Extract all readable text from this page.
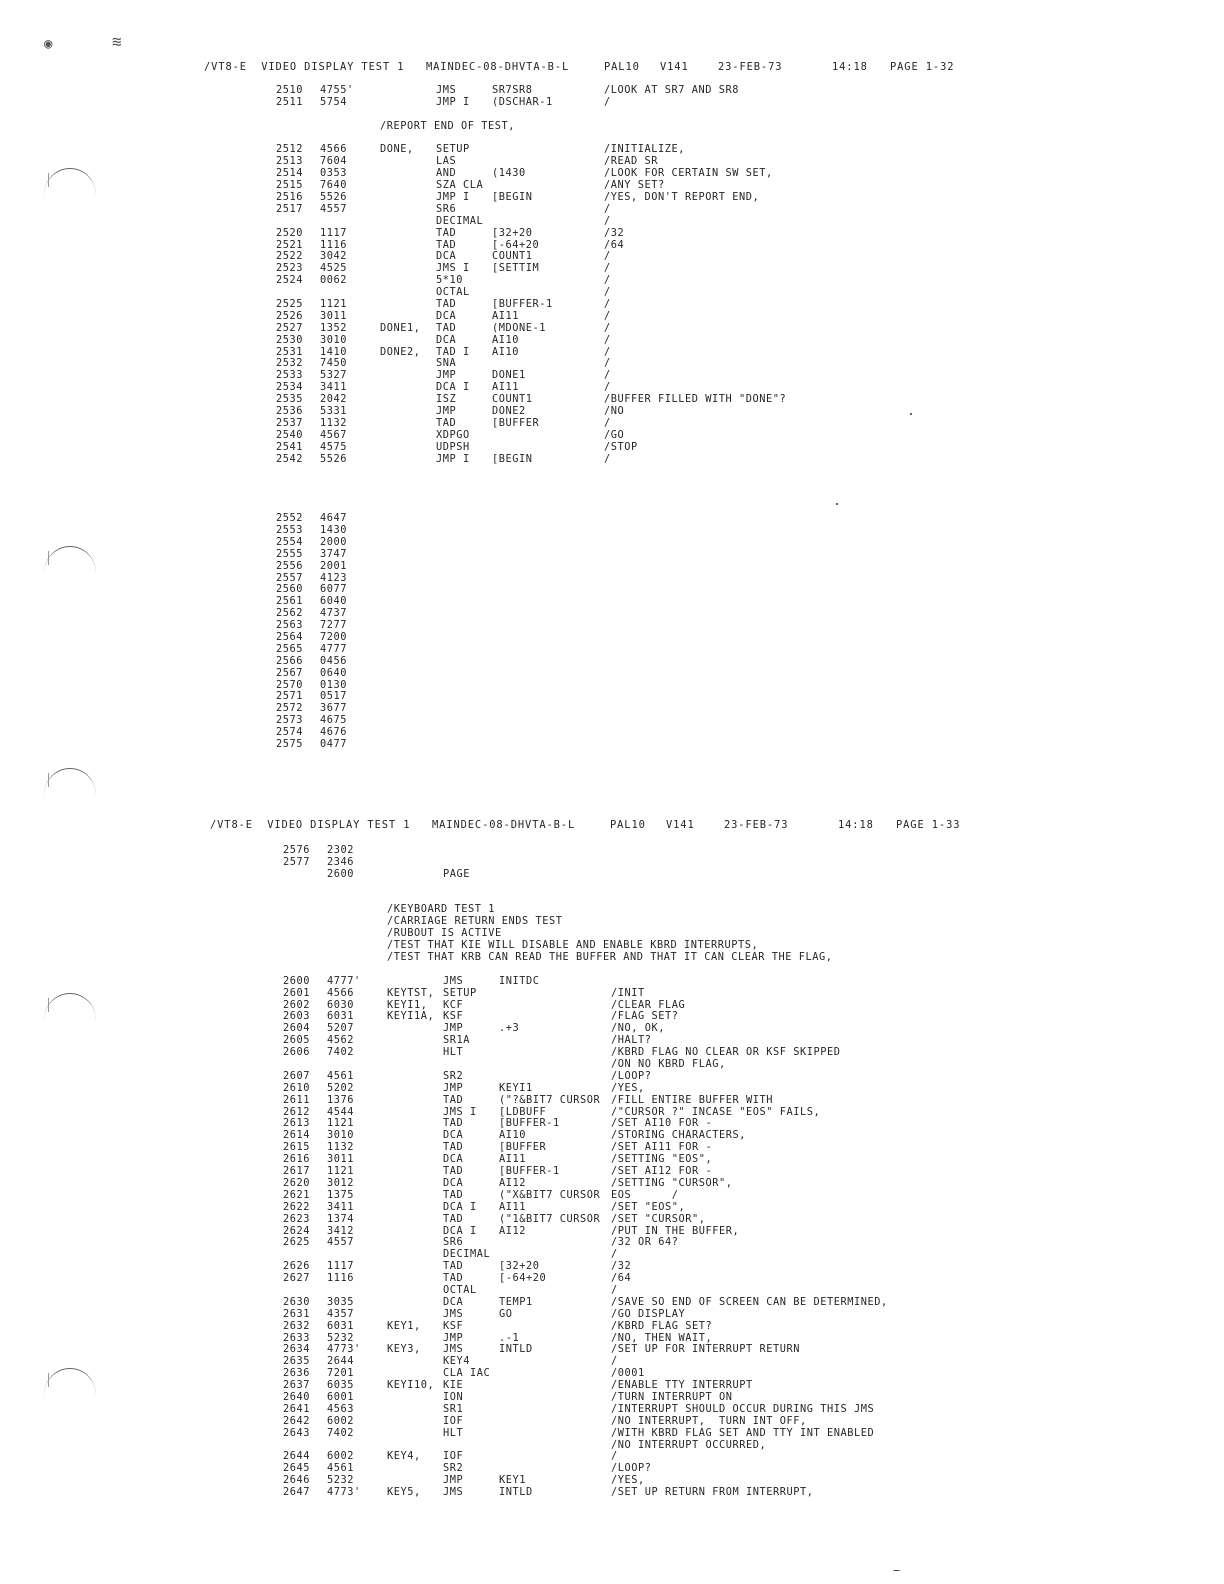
◉	≋

/VT8-E  VIDEO DISPLAY TEST 1

MAINDEC-08-DHVTA-B-L

	PAL10

V141

	23-FEB-73

	14:18

PAGE 1-32

2510 4755'	JMS	SR7SR8	/LOOK AT SR7 AND SR8
2511 5754	JMP I (DSCHAR-1	/
/REPORT END OF TEST,
2512 4566	DONE, SETUP	/INITIALIZE,
2513 7604	LAS	/READ SR
2514 0353	AND	(1430	/LOOK FOR CERTAIN SW SET,
2515 7640	SZA CLA	/ANY SET?
2516 5526	JMP I [BEGIN	/YES, DON'T REPORT END,
2517 4557	SR6	/
DECIMAL	/
2520 1117	TAD	[32+20	/32
2521 1116	TAD	[-64+20	/64
2522 3042	DCA	COUNT1	/
2523 4525	JMS I [SETTIM	/
2524 0062	5*10	/
OCTAL	/
2525 1121	TAD	[BUFFER-1	/
2526 3011	DCA	AI11	/
2527 1352	DONE1, TAD	(MDONE-1	/
2530 3010	DCA	AI10	/
2531 1410	DONE2, TAD I AI10	/
2532 7450	SNA	/
2533 5327	JMP	DONE1	/
2534 3411	DCA I AI11	/
2535 2042	ISZ	COUNT1	/BUFFER FILLED WITH "DONE"?
2536 5331	JMP	DONE2	/NO
2537 1132	TAD	[BUFFER	/
2540 4567	XDPGO	/GO
2541 4575	UDPSH	/STOP
2542 5526	JMP I [BEGIN	/
2552 4647
2553 1430
2554 2000
2555 3747
2556 2001
2557 4123
2560 6077
2561 6040
2562 4737
2563 7277
2564 7200
2565 4777
2566 0456
2567 0640
2570 0130
2571 0517
2572 3677
2573 4675
2574 4676
2575 0477

/VT8-E  VIDEO DISPLAY TEST 1

MAINDEC-08-DHVTA-B-L

	PAL10

V141

	23-FEB-73

	14:18

PAGE 1-33

2576 2302
2577 2346
2600	PAGE
/KEYBOARD TEST 1
/CARRIAGE RETURN ENDS TEST
/RUBOUT IS ACTIVE
/TEST THAT KIE WILL DISABLE AND ENABLE KBRD INTERRUPTS,
/TEST THAT KRB CAN READ THE BUFFER AND THAT IT CAN CLEAR THE FLAG,
2600 4777'	JMS	INITDC
2601 4566	KEYTST, SETUP	/INIT
2602 6030	KEYI1, KCF	/CLEAR FLAG
2603 6031	KEYI1A, KSF	/FLAG SET?
2604 5207	JMP	.+3	/NO, OK,
2605 4562	SR1A	/HALT?
2606 7402	HLT	/KBRD FLAG NO CLEAR OR KSF SKIPPED
/ON NO KBRD FLAG,
2607 4561	SR2	/LOOP?
2610 5202	JMP	KEYI1	/YES,
2611 1376	TAD	("?&BIT7 CURSOR /FILL ENTIRE BUFFER WITH
2612 4544	JMS I [LDBUFF	/"CURSOR ?" INCASE "EOS" FAILS,
2613 1121	TAD	[BUFFER-1	/SET AI10 FOR -
2614 3010	DCA	AI10	/STORING CHARACTERS,
2615 1132	TAD	[BUFFER	/SET AI11 FOR -
2616 3011	DCA	AI11	/SETTING "EOS",
2617 1121	TAD	[BUFFER-1	/SET AI12 FOR -
2620 3012	DCA	AI12	/SETTING "CURSOR",
2621 1375	TAD	("X&BIT7 CURSOR EOS      /
2622 3411	DCA I AI11	/SET "EOS",
2623 1374	TAD	("1&BIT7 CURSOR /SET "CURSOR",
2624 3412	DCA I AI12	/PUT IN THE BUFFER,
2625 4557	SR6	/32 OR 64?
DECIMAL	/
2626 1117	TAD	[32+20	/32
2627 1116	TAD	[-64+20	/64
OCTAL	/
2630 3035	DCA	TEMP1	/SAVE SO END OF SCREEN CAN BE DETERMINED,
2631 4357	JMS	GO	/GO DISPLAY
2632 6031	KEY1, KSF	/KBRD FLAG SET?
2633 5232	JMP	.-1	/NO, THEN WAIT,
2634 4773'	KEY3, JMS	INTLD	/SET UP FOR INTERRUPT RETURN
2635 2644	KEY4	/
2636 7201	CLA IAC	/0001
2637 6035	KEYI10, KIE	/ENABLE TTY INTERRUPT
2640 6001	ION	/TURN INTERRUPT ON
2641 4563	SR1	/INTERRUPT SHOULD OCCUR DURING THIS JMS
2642 6002	IOF	/NO INTERRUPT,  TURN INT OFF,
2643 7402	HLT	/WITH KBRD FLAG SET AND TTY INT ENABLED
/NO INTERRUPT OCCURRED,
2644 6002	KEY4, IOF	/
2645 4561	SR2	/LOOP?
2646 5232	JMP	KEY1	/YES,
2647 4773'	KEY5, JMS	INTLD	/SET UP RETURN FROM INTERRUPT,
